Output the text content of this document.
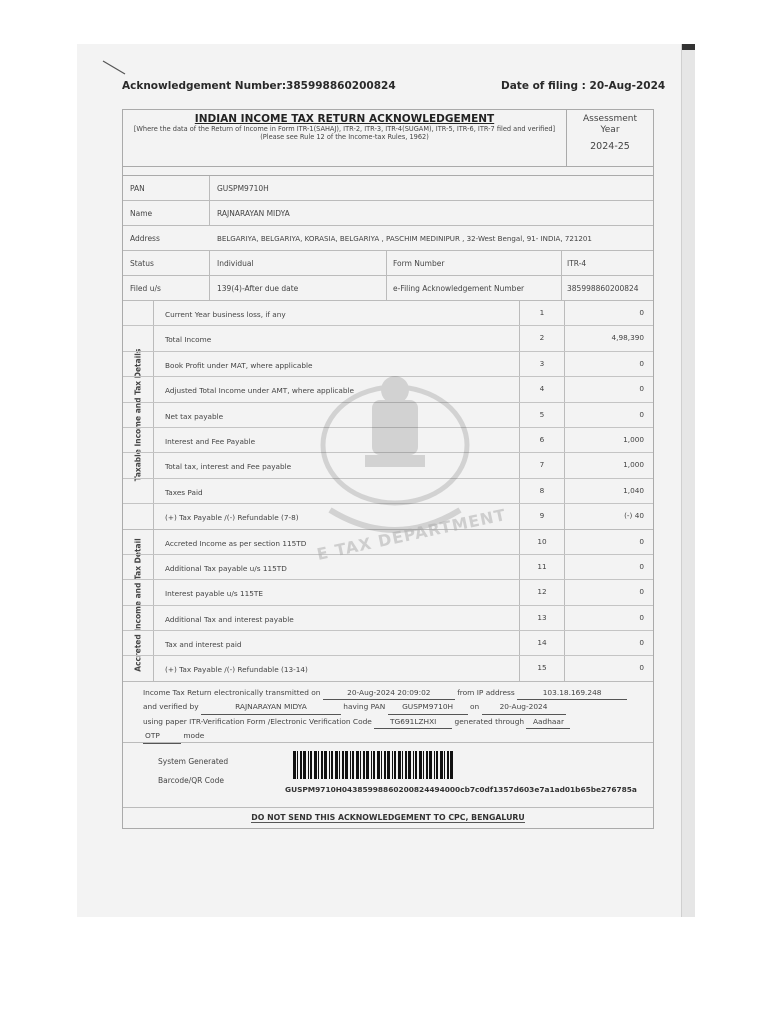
Acknowledgement Number:385998860200824	Date of filing : 20-Aug-2024
INDIAN INCOME TAX RETURN ACKNOWLEDGEMENT
[Where the data of the Return of Income in Form ITR-1(SAHAJ), ITR-2, ITR-3, ITR-4(SUGAM), ITR-5, ITR-6, ITR-7 filed and verified]
(Please see Rule 12 of the Income-tax Rules, 1962)
Assessment
Year
2024-25
PAN	GUSPM9710H
Name	RAJNARAYAN MIDYA
Address	BELGARIYA, BELGARIYA, KORASIA, BELGARIYA , PASCHIM MEDINIPUR , 32-West Bengal, 91- INDIA, 721201
Status	Individual	Form Number	ITR-4
Filed u/s	139(4)-After due date	e-Filing Acknowledgement Number	385998860200824
Taxable Income and Tax Details
Current Year business loss, if any	1	0
Total Income	2	4,98,390
Book Profit under MAT, where applicable	3	0
Adjusted Total Income under AMT, where applicable	4	0
Net tax payable	5	0
Interest and Fee Payable	6	1,000
Total tax, interest and Fee payable	7	1,000
Taxes Paid	8	1,040
(+) Tax Payable /(-) Refundable (7-8)	9	(-) 40
Accreted Income and Tax Detail	Accreted Income as per section 115TD	10	0
Additional Tax payable u/s 115TD	11	0
Interest payable u/s 115TE	12	0
Additional Tax and interest payable	13	0
Tax and interest paid	14	0
(+) Tax Payable /(-) Refundable (13-14)	15	0
Income Tax Return electronically transmitted on	20-Aug-2024 20:09:02	from IP address	103.18.169.248
and verified by	RAJNARAYAN MIDYA	having PAN GUSPM9710H on	20-Aug-2024
using paper ITR-Verification Form /Electronic Verification Code TG691LZHXI generated through Aadhaar
OTP	mode
System Generated
Barcode/QR Code
GUSPM9710H04385998860200824494000cb7c0df1357d603e7a1ad01b65be276785a
DO NOT SEND THIS ACKNOWLEDGEMENT TO CPC, BENGALURU
E TAX DEPARTMENT
